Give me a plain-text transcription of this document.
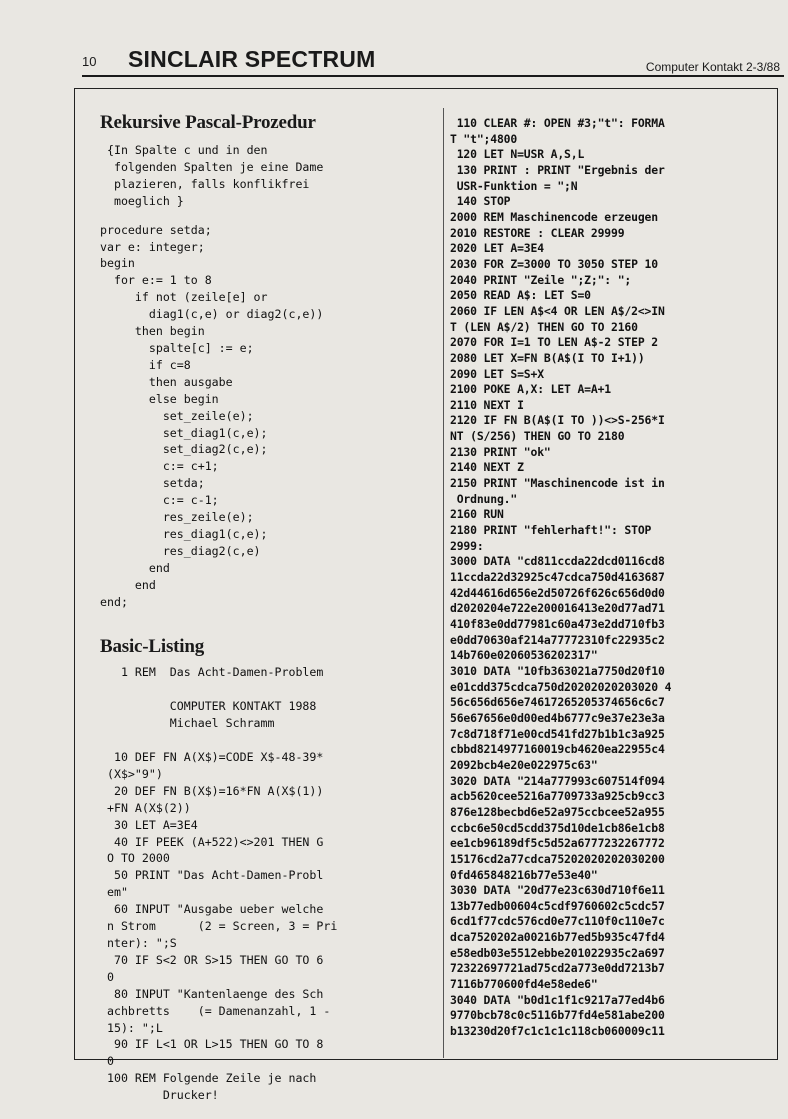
10 SINCLAIR SPECTRUM	Computer Kontakt 2-3/88
Rekursive Pascal-Prozedur
{In Spalte c und in den
folgenden Spalten je eine Dame
plazieren, falls konflikfrei
moeglich }
procedure setda;
var e: integer;
begin
for e:= 1 to 8
if not (zeile[e] or
diag1(c,e) or diag2(c,e))
then begin
spalte[c] := e;
if c=8
then ausgabe
else begin
set_zeile(e);
set_diag1(c,e);
set_diag2(c,e);
c:= c+1;
setda;
c:= c-1;
res_zeile(e);
res_diag1(c,e);
res_diag2(c,e)
end
end
end;
Basic-Listing
1 REM  Das Acht-Damen-Problem

COMPUTER KONTAKT 1988
Michael Schramm

10 DEF FN A(X$)=CODE X$-48-39*
(X$>"9")
20 DEF FN B(X$)=16*FN A(X$(1))
+FN A(X$(2))
30 LET A=3E4
40 IF PEEK (A+522)<>201 THEN G
O TO 2000
50 PRINT "Das Acht-Damen-Probl
em"
60 INPUT "Ausgabe ueber welche
n Strom      (2 = Screen, 3 = Pri
nter): ";S
70 IF S<2 OR S>15 THEN GO TO 6
0
80 INPUT "Kantenlaenge des Sch
achbretts    (= Damenanzahl, 1 -
15): ";L
90 IF L<1 OR L>15 THEN GO TO 8
0
100 REM Folgende Zeile je nach
Drucker!
110 CLEAR #: OPEN #3;"t": FORMA
T "t";4800
120 LET N=USR A,S,L
130 PRINT : PRINT "Ergebnis der
USR-Funktion = ";N
140 STOP
2000 REM Maschinencode erzeugen
2010 RESTORE : CLEAR 29999
2020 LET A=3E4
2030 FOR Z=3000 TO 3050 STEP 10
2040 PRINT "Zeile ";Z;": ";
2050 READ A$: LET S=0
2060 IF LEN A$<4 OR LEN A$/2<>IN
T (LEN A$/2) THEN GO TO 2160
2070 FOR I=1 TO LEN A$-2 STEP 2
2080 LET X=FN B(A$(I TO I+1))
2090 LET S=S+X
2100 POKE A,X: LET A=A+1
2110 NEXT I
2120 IF FN B(A$(I TO ))<>S-256*I
NT (S/256) THEN GO TO 2180
2130 PRINT "ok"
2140 NEXT Z
2150 PRINT "Maschinencode ist in
Ordnung."
2160 RUN
2180 PRINT "fehlerhaft!": STOP
2999:
3000 DATA "cd811ccda22dcd0116cd8
11ccda22d32925c47cdca750d4163687
42d44616d656e2d50726f626c656d0d0
d2020204e722e200016413e20d77ad71
410f83e0dd77981c60a473e2dd710fb3
e0dd70630af214a77772310fc22935c2
14b760e02060536202317"
3010 DATA "10fb363021a7750d20f10
e01cdd375cdca750d20202020203020 4
56c656d656e74617265205374656c6c7
56e67656e0d00ed4b6777c9e37e23e3a
7c8d718f71e00cd541fd27b1b1c3a925
cbbd8214977160019cb4620ea22955c4
2092bcb4e20e022975c63"
3020 DATA "214a777993c607514f094
acb5620cee5216a7709733a925cb9cc3
876e128becbd6e52a975ccbcee52a955
ccbc6e50cd5cdd375d10de1cb86e1cb8
ee1cb96189df5c5d52a6777232267772
15176cd2a77cdca75202020202030200
0fd465848216b77e53e40"
3030 DATA "20d77e23c630d710f6e11
13b77edb00604c5cdf9760602c5cdc57
6cd1f77cdc576cd0e77c110f0c110e7c
dca7520202a00216b77ed5b935c47fd4
e58edb03e5512ebbe201022935c2a697
72322697721ad75cd2a773e0dd7213b7
7116b770600fd4e58ede6"
3040 DATA "b0d1c1f1c9217a77ed4b6
9770bcb78c0c5116b77fd4e581abe200
b13230d20f7c1c1c1c118cb060009c11
